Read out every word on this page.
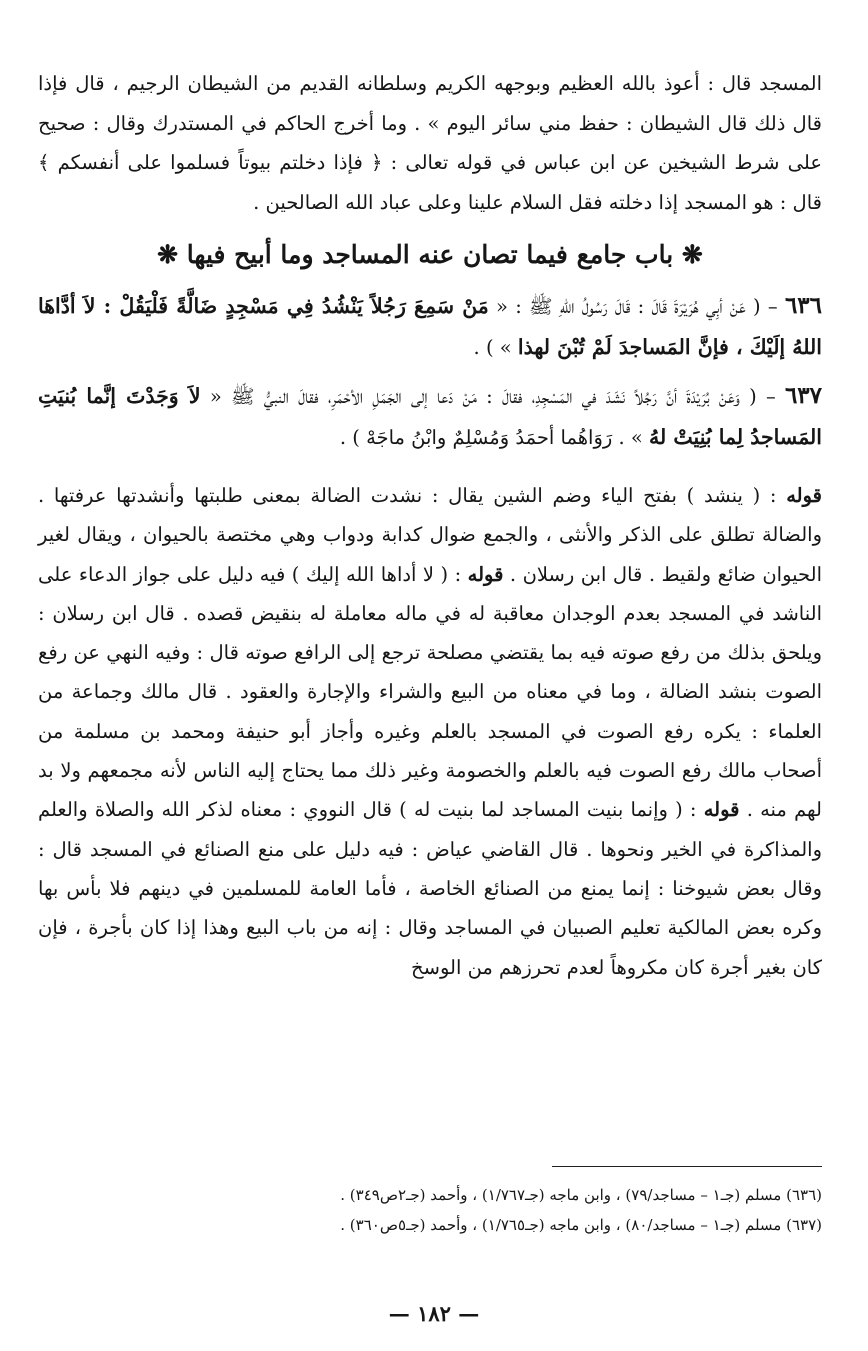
المسجد قال : أعوذ بالله العظيم وبوجهه الكريم وسلطانه القديم من الشيطان الرجيم ، قال فإذا قال ذلك قال الشيطان : حفظ مني سائر اليوم » . وما أخرج الحاكم في المستدرك وقال : صحيح على شرط الشيخين عن ابن عباس في قوله تعالى : ﴿ فإذا دخلتم بيوتاً فسلموا على أنفسكم ﴾ قال : هو المسجد إذا دخلته فقل السلام علينا وعلى عباد الله الصالحين .

❋ باب جامع فيما تصان عنه المساجد وما أبيح فيها ❋

٦٣٦ – ( عَنْ أبِي هُرَيْرَةَ قَالَ : قَالَ رَسُولُ اللهِ ﷺ : « مَنْ سَمِعَ رَجُلاً يَنْشُدُ فِي مَسْجِدٍ ضَالَّةً فَلْيَقُلْ : لاَ أدَّاهَا اللهُ إلَيْكَ ، فإنَّ المَساجدَ لَمْ تُبْنَ لهذا » ) .

٦٣٧ – ( وَعَنْ بُرَيْدَةَ أنَّ رَجُلاً نَشَدَ في المَسْجِدِ، فقالَ : مَنْ دَعا إلى الجَمَلِ الأحْمَرِ، فقالَ النبيُّ ﷺ « لاَ وَجَدْتَ إنَّما بُنيَتِ المَساجدُ لِما بُنِيَتْ لهُ » . رَوَاهُما أحمَدُ وَمُسْلِمٌ وابْنُ ماجَهْ ) .

قوله : ( ينشد ) بفتح الياء وضم الشين يقال : نشدت الضالة بمعنى طلبتها وأنشدتها عرفتها . والضالة تطلق على الذكر والأنثى ، والجمع ضوال كدابة ودواب وهي مختصة بالحيوان ، ويقال لغير الحيوان ضائع ولقيط . قال ابن رسلان . قوله : ( لا أداها الله إليك ) فيه دليل على جواز الدعاء على الناشد في المسجد بعدم الوجدان معاقبة له في ماله معاملة له بنقيض قصده . قال ابن رسلان : ويلحق بذلك من رفع صوته فيه بما يقتضي مصلحة ترجع إلى الرافع صوته قال : وفيه النهي عن رفع الصوت بنشد الضالة ، وما في معناه من البيع والشراء والإجارة والعقود . قال مالك وجماعة من العلماء : يكره رفع الصوت في المسجد بالعلم وغيره وأجاز أبو حنيفة ومحمد بن مسلمة من أصحاب مالك رفع الصوت فيه بالعلم والخصومة وغير ذلك مما يحتاج إليه الناس لأنه مجمعهم ولا بد لهم منه . قوله : ( وإنما بنيت المساجد لما بنيت له ) قال النووي : معناه لذكر الله والصلاة والعلم والمذاكرة في الخير ونحوها . قال القاضي عياض : فيه دليل على منع الصنائع في المسجد قال : وقال بعض شيوخنا : إنما يمنع من الصنائع الخاصة ، فأما العامة للمسلمين في دينهم فلا بأس بها وكره بعض المالكية تعليم الصبيان في المساجد وقال : إنه من باب البيع وهذا إذا كان بأجرة ، فإن كان بغير أجرة كان مكروهاً لعدم تحرزهم من الوسخ

(٦٣٦) مسلم (جـ١ – مساجد/٧٩) ، وابن ماجه (جـ١/٧٦٧) ، وأحمد (جـ٢ص٣٤٩) .

(٦٣٧) مسلم (جـ١ – مساجد/٨٠) ، وابن ماجه (جـ١/٧٦٥) ، وأحمد (جـ٥ص٣٦٠) .

— ١٨٢ —
